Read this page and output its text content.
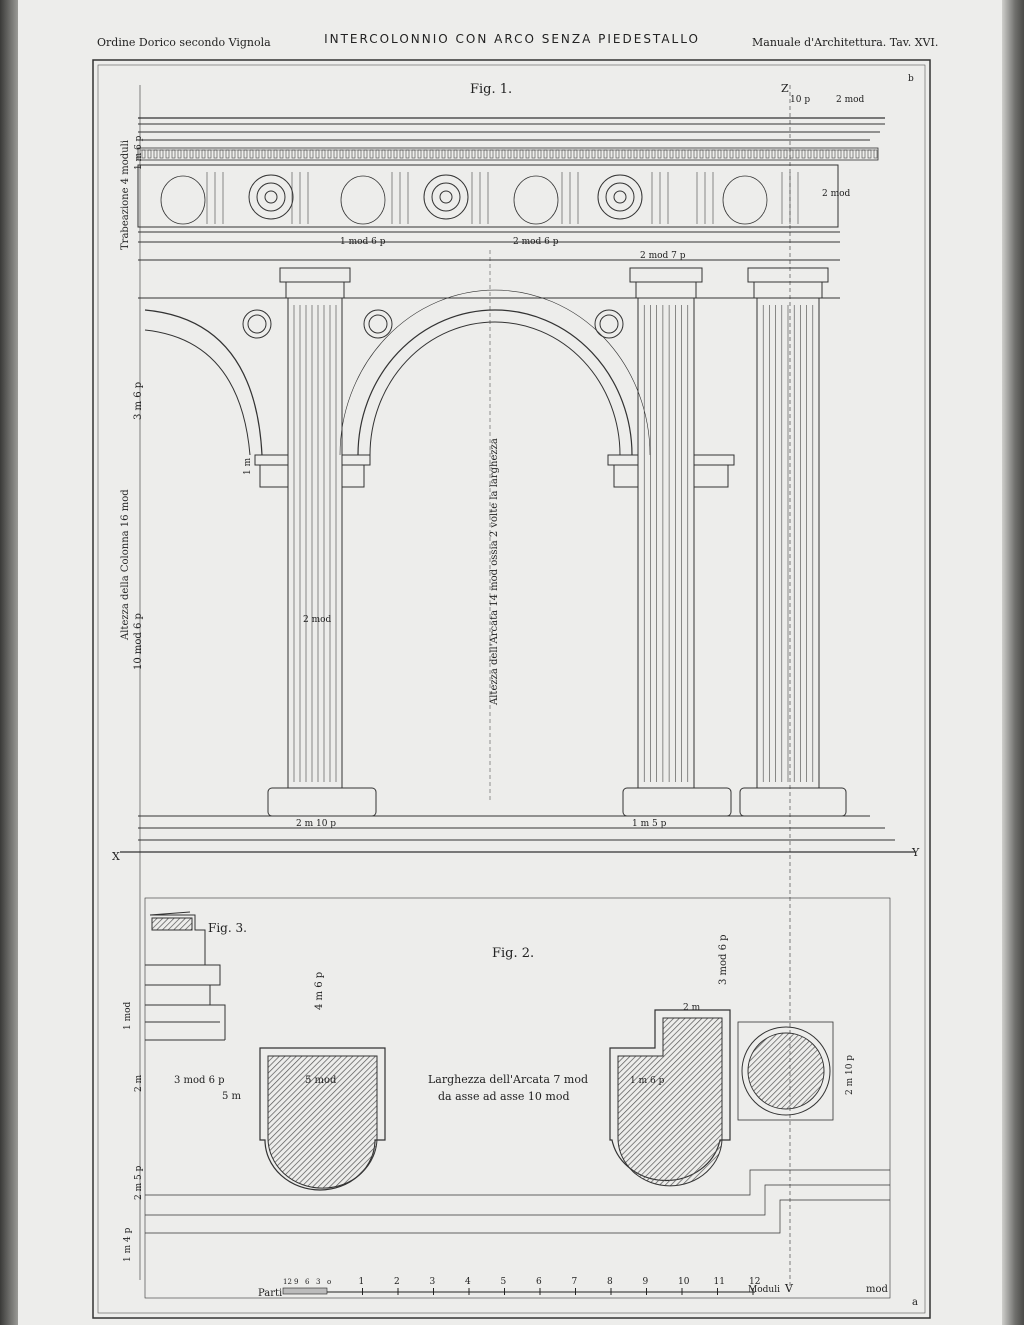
Ordine Dorico secondo Vignola	INTERCOLONNIO CON ARCO SENZA PIEDESTALLO	Manuale d'Architettura. Tav. XVI.
1	2	3	4	5	6	7	8	9	10	11	12
12 9 6 3 o
Fig. 1.
Fig. 2.
Fig. 3.
Trabeazione 4 moduli
Altezza della Colonna 16 mod
10 mod 6 p
3 m 6 p
1 m 6 p
Altezza dell'Arcata 14 mod ossia 2 volte la larghezza
1 m
2 mod
2 mod
2 mod 7 p
1 mod 6 p	2 mod 6 p
2 m 10 p	1 m 5 p
10 p	2 mod
X	Y
Z
V
Larghezza dell'Arcata 7 mod
da asse ad asse 10 mod
4 m 6 p
3 mod 6 p
3 mod 6 p
5 m
5 mod
2 m
2 m 10 p
2 m 5 p
2 m
1 m 4 p
1 mod
1 m 6 p
Parti	Moduli	mod
a
b
